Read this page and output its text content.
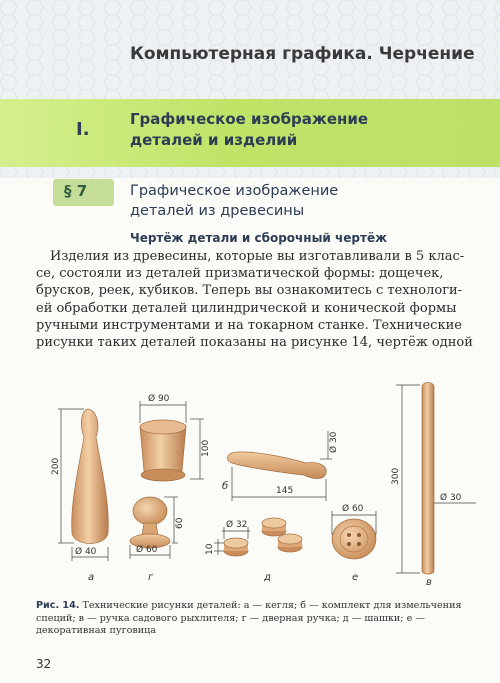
Компьютерная графика. Черчение
I.	Графическое изображение
деталей и изделий
§ 7	Графическое изображение
деталей из древесины
Чертёж детали и сборочный чертёж
Изделия из древесины, которые вы изготавливали в 5 клас-
се, состояли из деталей призматической формы: дощечек,
брусков, реек, кубиков. Теперь вы ознакомитесь с технологи-
ей обработки деталей цилиндрической и конической формы
ручными инструментами и на токарном станке. Технические
рисунки таких деталей показаны на рисунке 14, чертёж одной
200
Ø 40
а
Ø 90
100
145
Ø 30
б
60
Ø 60
г
Ø 32
10
д
Ø 60
е
300
Ø 30
в
Рис. 14. Технические рисунки деталей: а — кегля; б — комплект для измельчения специй; в — ручка садового рыхлителя; г — дверная ручка; д — шашки; е — декоративная пуговица
32
